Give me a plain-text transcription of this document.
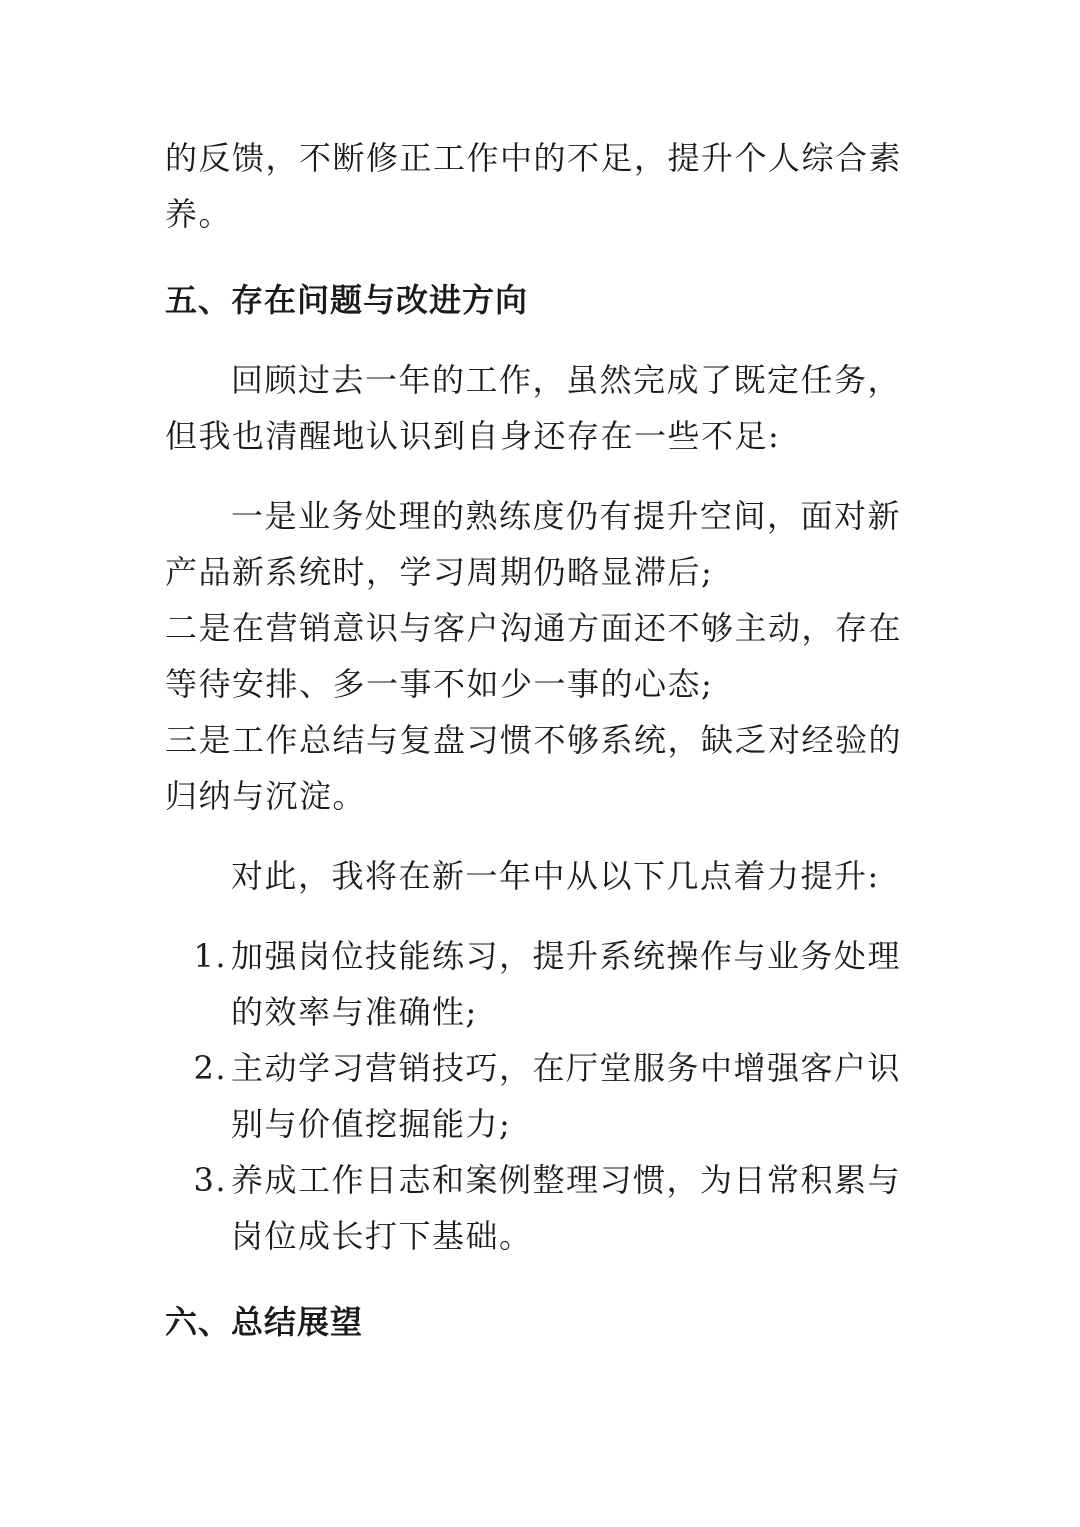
的反馈，不断修正工作中的不足，提升个人综合素养。

五、存在问题与改进方向

回顾过去一年的工作，虽然完成了既定任务，但我也清醒地认识到自身还存在一些不足:

一是业务处理的熟练度仍有提升空间，面对新产品新系统时，学习周期仍略显滞后;

二是在营销意识与客户沟通方面还不够主动，存在等待安排、多一事不如少一事的心态;

三是工作总结与复盘习惯不够系统，缺乏对经验的归纳与沉淀。

对此，我将在新一年中从以下几点着力提升:

1. 加强岗位技能练习，提升系统操作与业务处理的效率与准确性;
2. 主动学习营销技巧，在厅堂服务中增强客户识别与价值挖掘能力;
3. 养成工作日志和案例整理习惯，为日常积累与岗位成长打下基础。

六、总结展望
